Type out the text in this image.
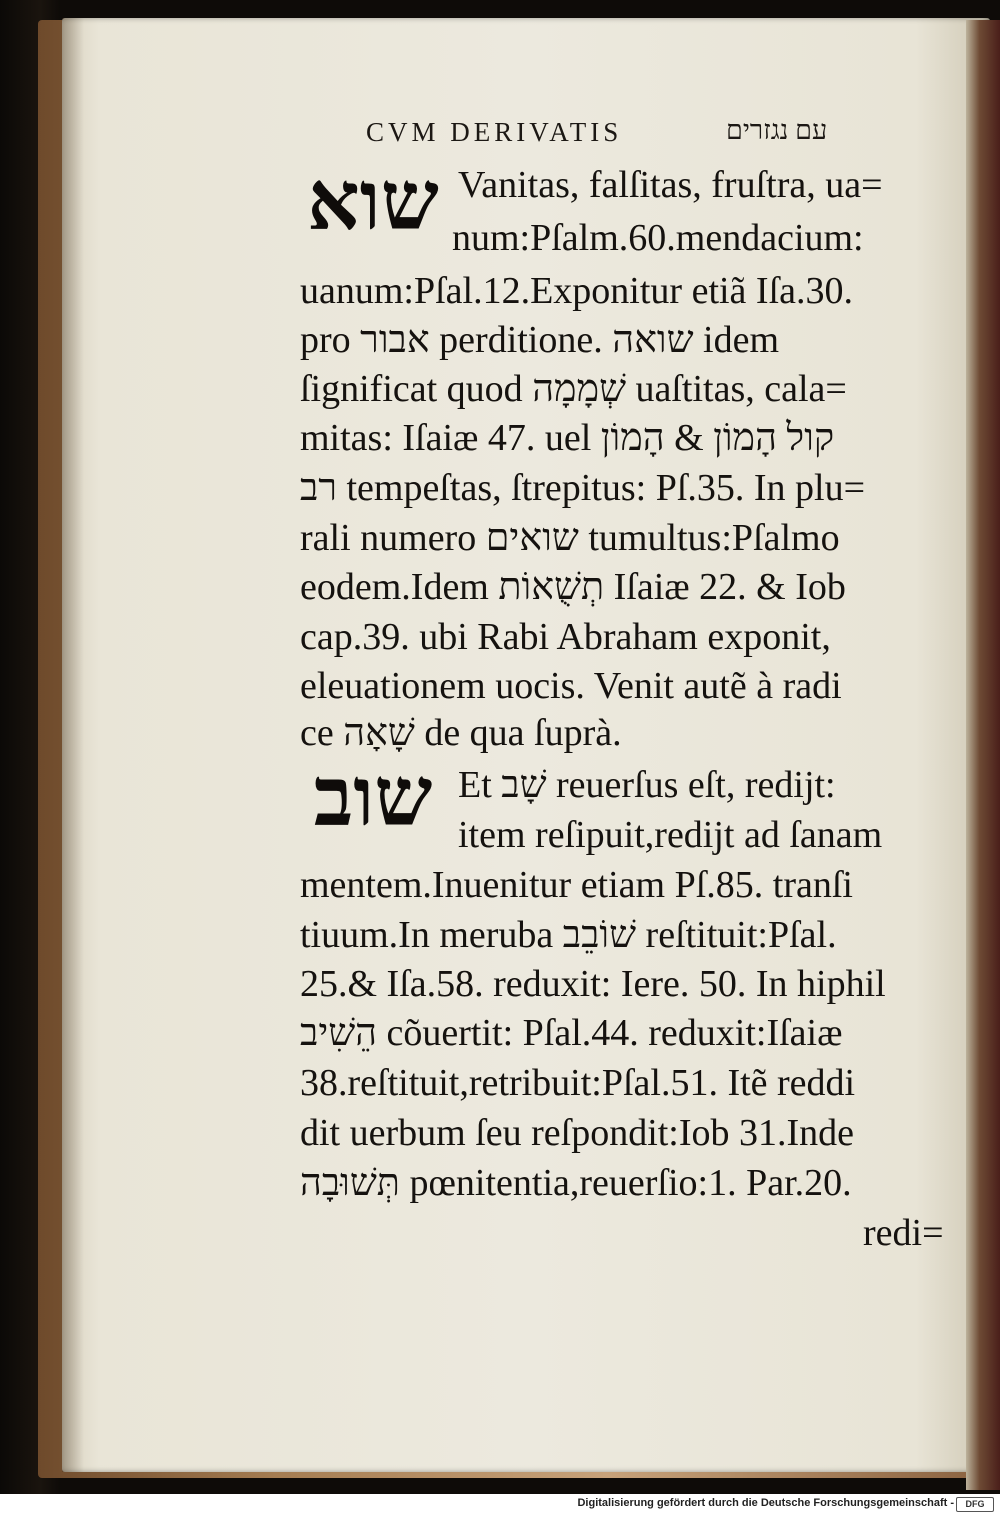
CVM DERIVATIS	עם נגזרים
שוא
שוב
Vanitas, falſitas, fruſtra, ua=
num:Pſalm.60.mendacium:
uanum:Pſal.12.Exponitur etiã Iſa.30.
pro אבור perditione. שואה idem
ſignificat quod שְׁמָמָה uaſtitas, cala=
mitas: Iſaiæ 47. uel קול הָמוֹן & הָמוֹן
רב tempeſtas, ſtrepitus: Pſ.35. In plu=
rali numero שואים tumultus:Pſalmo
eodem.Idem תְשֻׁאוֹת Iſaiæ 22. & Iob
cap.39. ubi Rabi Abraham exponit,
eleuationem uocis. Venit autẽ à radi
ce שָׁאָה de qua ſuprà.
Et שָׁב reuerſus eſt, rediјt:
item reſipuit,rediјt ad ſanam
mentem.Inuenitur etiam Pſ.85. tranſi
tiuum.In meruba שׁוֹבֵב reſtituit:Pſal.
25.& Iſa.58. reduxit: Iere. 50. In hiphil
הֵשִׁיב cõuertit: Pſal.44. reduxit:Iſaiæ
38.reſtituit,retribuit:Pſal.51. Itẽ reddi
dit uerbum ſeu reſpondit:Iob 31.Inde
תְּשׁוּבָה pœnitentia,reuerſio:1. Par.20.
redi=
Digitalisierung gefördert durch die Deutsche Forschungsgemeinschaft -	DFG
